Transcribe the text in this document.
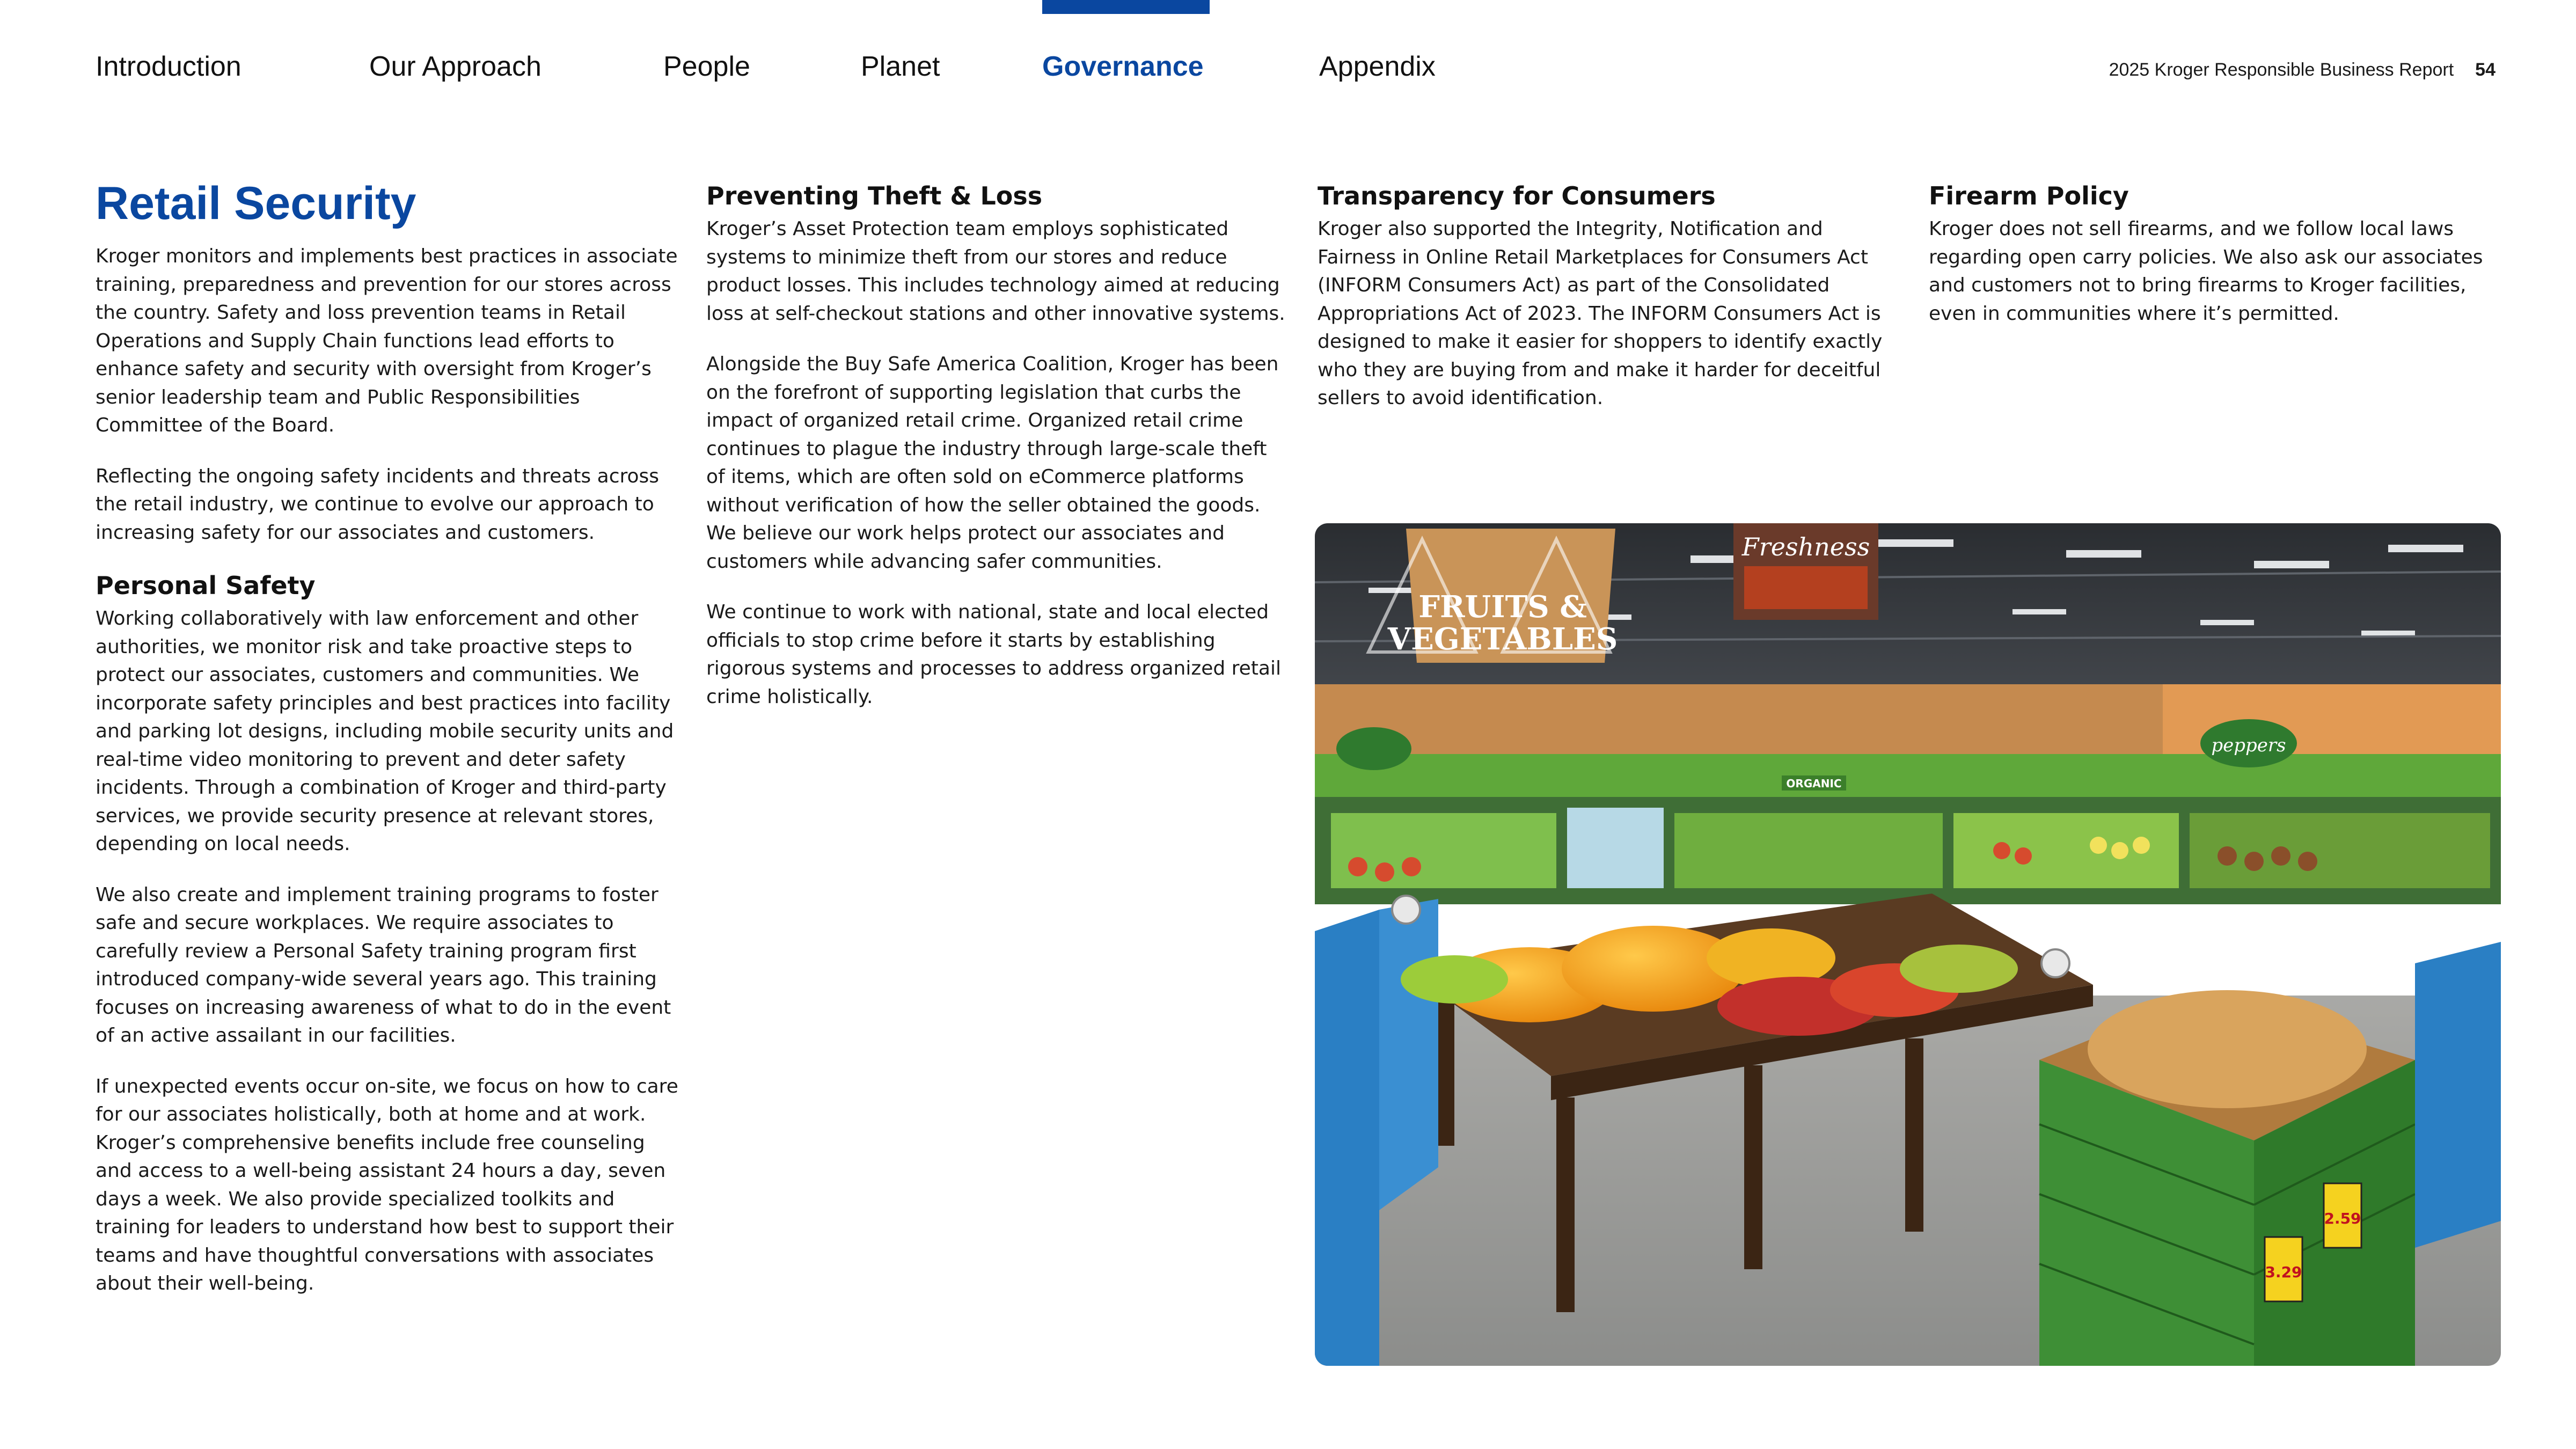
Introduction	Our Approach	People	Planet	Governance	Appendix	2025 Kroger Responsible Business Report 54
Retail Security

Kroger monitors and implements best practices in associate training, preparedness and prevention for our stores across the country. Safety and loss prevention teams in Retail Operations and Supply Chain functions lead efforts to enhance safety and security with oversight from Kroger’s senior leadership team and Public Responsibilities Committee of the Board.

Reflecting the ongoing safety incidents and threats across the retail industry, we continue to evolve our approach to increasing safety for our associates and customers.

Personal Safety

Working collaboratively with law enforcement and other authorities, we monitor risk and take proactive steps to protect our associates, customers and communities. We incorporate safety principles and best practices into facility and parking lot designs, including mobile security units and real-time video monitoring to prevent and deter safety incidents. Through a combination of Kroger and third-party services, we provide security presence at relevant stores, depending on local needs.

We also create and implement training programs to foster safe and secure workplaces. We require associates to carefully review a Personal Safety training program first introduced company-wide several years ago. This training focuses on increasing awareness of what to do in the event of an active assailant in our facilities.

If unexpected events occur on-site, we focus on how to care for our associates holistically, both at home and at work. Kroger’s comprehensive benefits include free counseling and access to a well-being assistant 24 hours a day, seven days a week. We also provide specialized toolkits and training for leaders to understand how best to support their teams and have thoughtful conversations with associates about their well-being.

Preventing Theft & Loss

Kroger’s Asset Protection team employs sophisticated systems to minimize theft from our stores and reduce product losses. This includes technology aimed at reducing loss at self-checkout stations and other innovative systems.

Alongside the Buy Safe America Coalition, Kroger has been on the forefront of supporting legislation that curbs the impact of organized retail crime. Organized retail crime continues to plague the industry through large-scale theft of items, which are often sold on eCommerce platforms without verification of how the seller obtained the goods. We believe our work helps protect our associates and customers while advancing safer communities.

We continue to work with national, state and local elected officials to stop crime before it starts by establishing rigorous systems and processes to address organized retail crime holistically.

Transparency for Consumers

Kroger also supported the Integrity, Notification and Fairness in Online Retail Marketplaces for Consumers Act (INFORM Consumers Act) as part of the Consolidated Appropriations Act of 2023. The INFORM Consumers Act is designed to make it easier for shoppers to identify exactly who they are buying from and make it harder for deceitful sellers to avoid identification.

Firearm Policy

Kroger does not sell firearms, and we follow local laws regarding open carry policies. We also ask our associates and customers not to bring firearms to Kroger facilities, even in communities where it’s permitted.

FRUITS &
VEGETABLES
Freshness
peppers
ORGANIC
3.29
2.59
